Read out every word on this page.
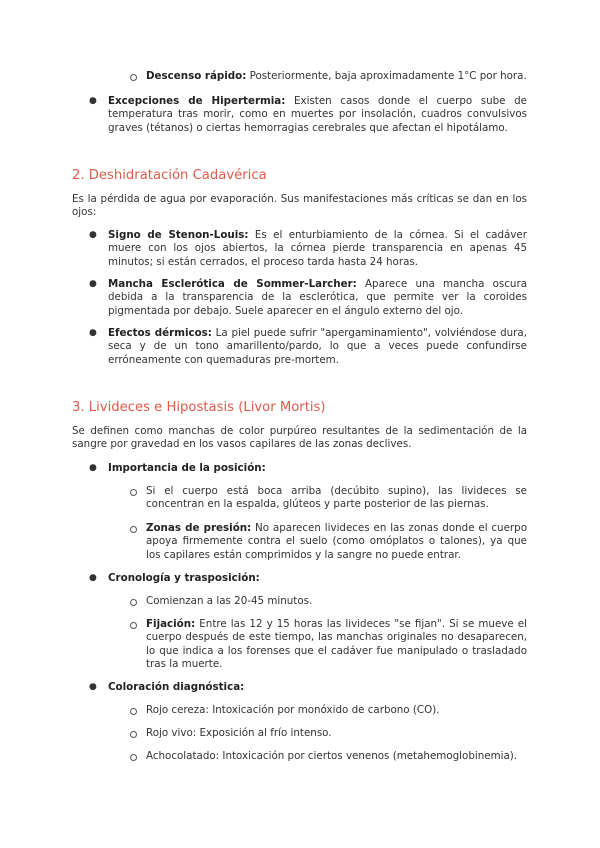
Descenso rápido: Posteriormente, baja aproximadamente 1°C por hora.
● Excepciones de Hipertermia: Existen casos donde el cuerpo sube de temperatura tras morir, como en muertes por insolación, cuadros convulsivos graves (tétanos) o ciertas hemorragias cerebrales que afectan el hipotálamo.
2. Deshidratación Cadavérica
Es la pérdida de agua por evaporación. Sus manifestaciones más críticas se dan en los ojos:
● Signo de Stenon-Louis: Es el enturbiamiento de la córnea. Si el cadáver muere con los ojos abiertos, la córnea pierde transparencia en apenas 45 minutos; si están cerrados, el proceso tarda hasta 24 horas.
● Mancha Esclerótica de Sommer-Larcher: Aparece una mancha oscura debida a la transparencia de la esclerótica, que permite ver la coroides pigmentada por debajo. Suele aparecer en el ángulo externo del ojo.
● Efectos dérmicos: La piel puede sufrir "apergaminamiento", volviéndose dura, seca y de un tono amarillento/pardo, lo que a veces puede confundirse erróneamente con quemaduras pre-mortem.
3. Livideces e Hipostasis (Livor Mortis)
Se definen como manchas de color purpúreo resultantes de la sedimentación de la sangre por gravedad en los vasos capilares de las zonas declives.
● Importancia de la posición:
Si el cuerpo está boca arriba (decúbito supino), las livideces se concentran en la espalda, glúteos y parte posterior de las piernas.
Zonas de presión: No aparecen livideces en las zonas donde el cuerpo apoya firmemente contra el suelo (como omóplatos o talones), ya que los capilares están comprimidos y la sangre no puede entrar.
● Cronología y trasposición:
Comienzan a las 20-45 minutos.
Fijación: Entre las 12 y 15 horas las livideces "se fijan". Si se mueve el cuerpo después de este tiempo, las manchas originales no desaparecen, lo que indica a los forenses que el cadáver fue manipulado o trasladado tras la muerte.
● Coloración diagnóstica:
Rojo cereza: Intoxicación por monóxido de carbono (CO).
Rojo vivo: Exposición al frío intenso.
Achocolatado: Intoxicación por ciertos venenos (metahemoglobinemia).
